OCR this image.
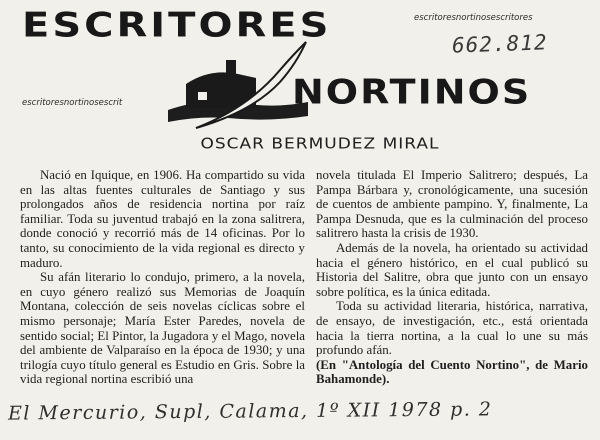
ESCRITORES	escritoresnortinosescritores
662.812
escritoresnortinosescrit	NORTINOS
OSCAR BERMUDEZ MIRAL

Nació en Iquique, en 1906. Ha compartido su vida en las altas fuentes culturales de Santiago y sus prolongados años de residencia nortina por raíz familiar. Toda su juventud trabajó en la zona salitrera, donde conoció y recorrió más de 14 oficinas. Por lo tanto, su conocimiento de la vida regional es directo y maduro.

Su afán literario lo condujo, primero, a la novela, en cuyo género realizó sus Memorias de Joaquín Montana, colección de seis novelas cíclicas sobre el mismo personaje; María Ester Paredes, novela de sentido social; El Pintor, la Jugadora y el Mago, novela del ambiente de Valparaíso en la época de 1930; y una trilogía cuyo título general es Estudio en Gris. Sobre la vida regional nortina escribió una

novela titulada El Imperio Salitrero; después, La Pampa Bárbara y, cronológicamente, una sucesión de cuentos de ambiente pampino. Y, finalmente, La Pampa Desnuda, que es la culminación del proceso salitrero hasta la crisis de 1930.

Además de la novela, ha orientado su actividad hacia el género histórico, en el cual publicó su Historia del Salitre, obra que junto con un ensayo sobre política, es la única editada.

Toda su actividad literaria, histórica, narrativa, de ensayo, de investigación, etc., está orientada hacia la tierra nortina, a la cual lo une su más profundo afán.

(En "Antología del Cuento Nortino", de Mario Bahamonde).

El Mercurio, Supl, Calama, 1º XII 1978 p. 2
